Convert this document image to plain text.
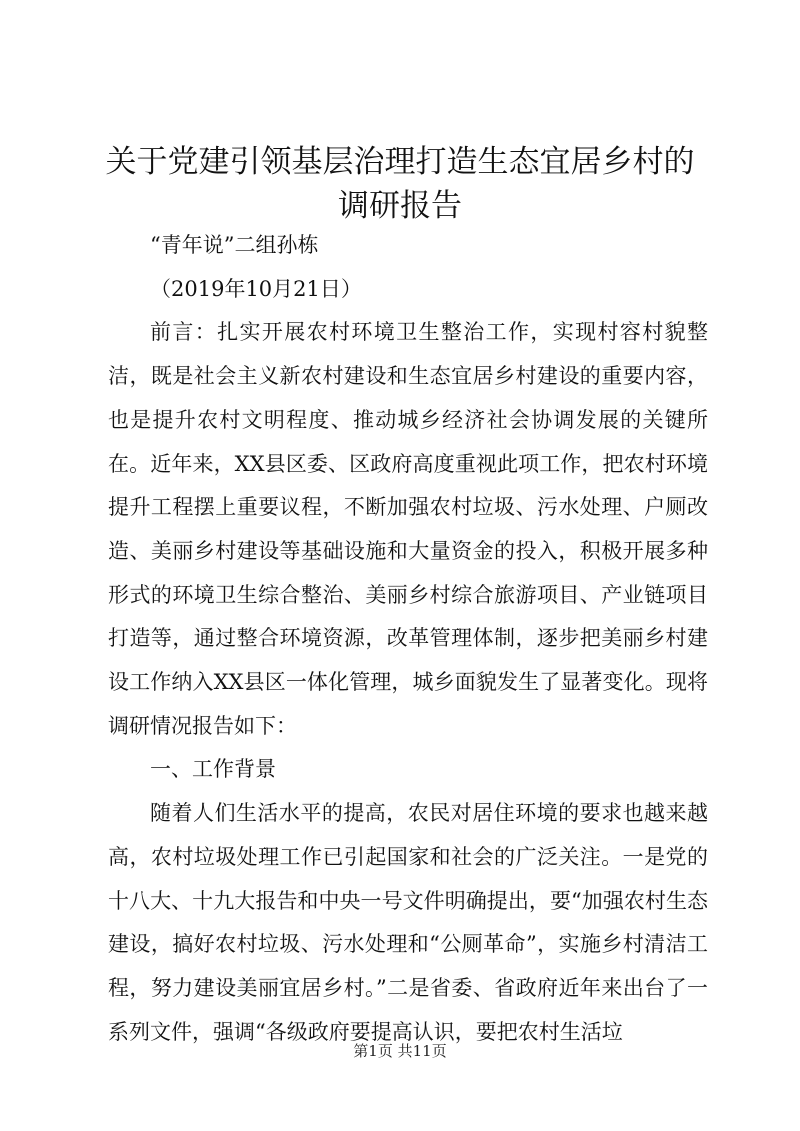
关于党建引领基层治理打造生态宜居乡村的调研报告

“青年说”二组孙栋

（2019年10月21日）

前言：扎实开展农村环境卫生整治工作，实现村容村貌整洁，既是社会主义新农村建设和生态宜居乡村建设的重要内容，也是提升农村文明程度、推动城乡经济社会协调发展的关键所在。近年来，XX县区委、区政府高度重视此项工作，把农村环境提升工程摆上重要议程，不断加强农村垃圾、污水处理、户厕改造、美丽乡村建设等基础设施和大量资金的投入，积极开展多种形式的环境卫生综合整治、美丽乡村综合旅游项目、产业链项目打造等，通过整合环境资源，改革管理体制，逐步把美丽乡村建设工作纳入XX县区一体化管理，城乡面貌发生了显著变化。现将调研情况报告如下：

一、工作背景

随着人们生活水平的提高，农民对居住环境的要求也越来越高，农村垃圾处理工作已引起国家和社会的广泛关注。一是党的十八大、十九大报告和中央一号文件明确提出，要“加强农村生态建设，搞好农村垃圾、污水处理和“公厕革命”，实施乡村清洁工程，努力建设美丽宜居乡村。”二是省委、省政府近年来出台了一系列文件，强调“各级政府要提高认识，要把农村生活垃

第1页 共11页
